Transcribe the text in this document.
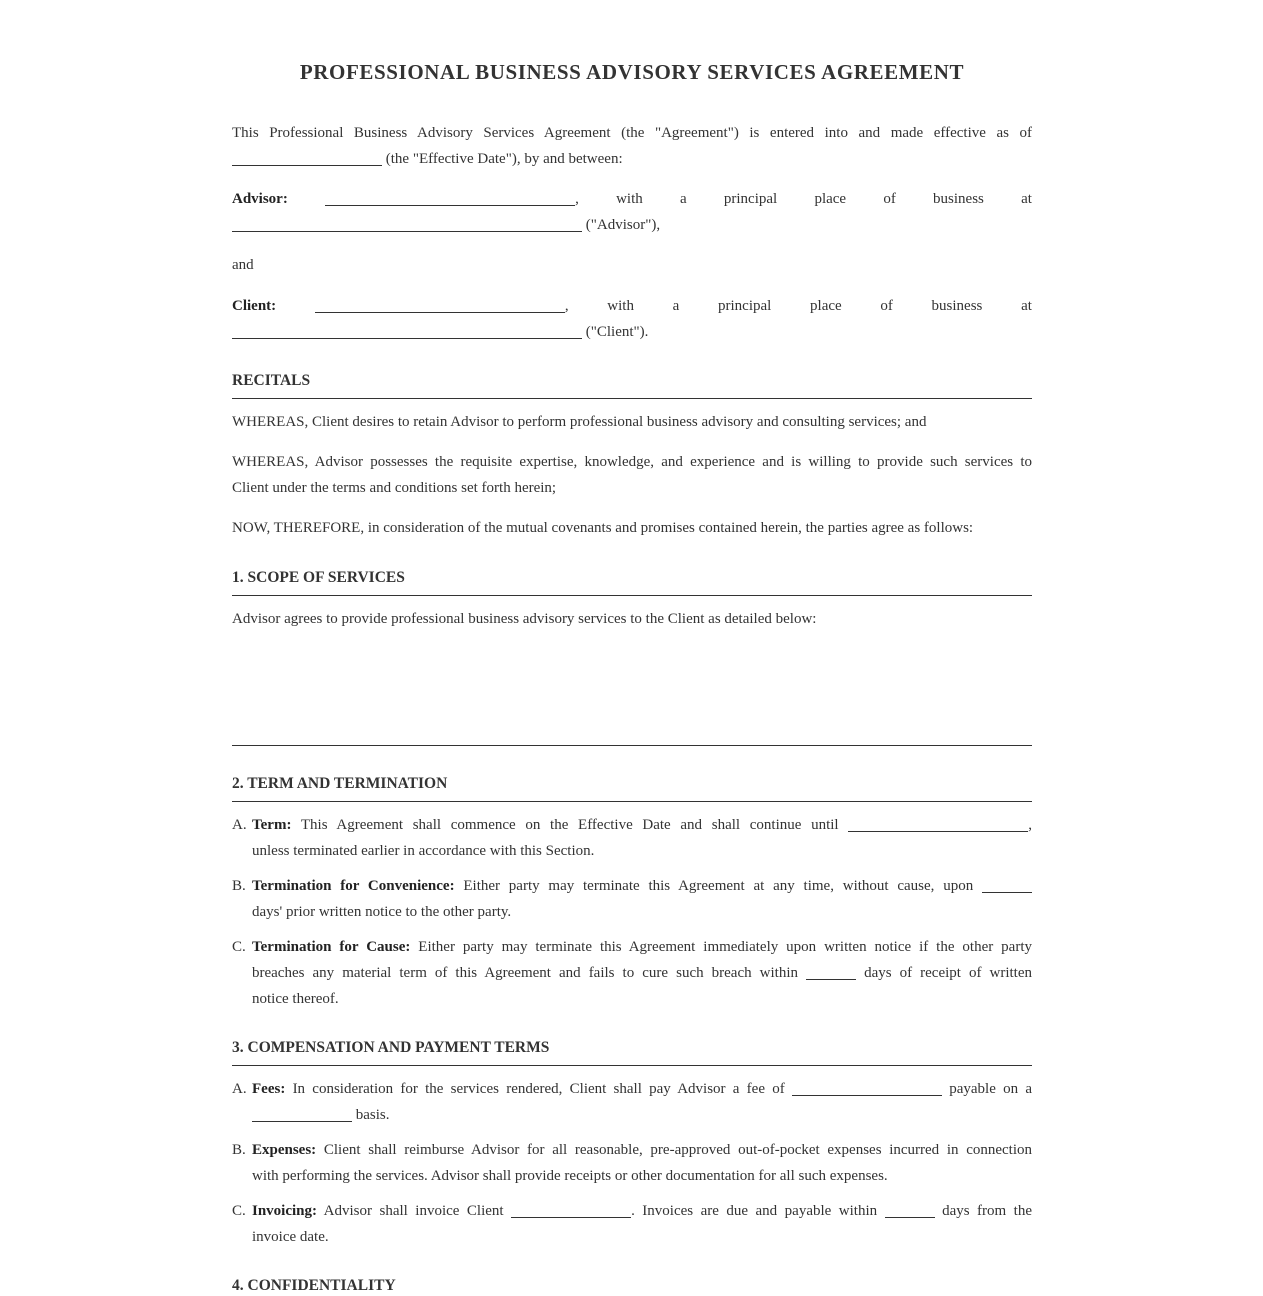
PROFESSIONAL BUSINESS ADVISORY SERVICES AGREEMENT
This Professional Business Advisory Services Agreement (the "Agreement") is entered into and made effective as of
(the "Effective Date"), by and between:
Advisor:	, with a principal place of business at
("Advisor"),
and
Client:	,	with	a	principal	place	of	business	at
("Client").
RECITALS
WHEREAS, Client desires to retain Advisor to perform professional business advisory and consulting services; and
WHEREAS, Advisor possesses the requisite expertise, knowledge, and experience and is willing to provide such services to
Client under the terms and conditions set forth herein;
NOW, THEREFORE, in consideration of the mutual covenants and promises contained herein, the parties agree as follows:
1. SCOPE OF SERVICES
Advisor agrees to provide professional business advisory services to the Client as detailed below:
2. TERM AND TERMINATION
A. Term: This Agreement shall commence on the Effective Date and shall continue until	,
unless terminated earlier in accordance with this Section.
B. Termination for Convenience: Either party may terminate this Agreement at any time, without cause, upon
days' prior written notice to the other party.
C. Termination for Cause: Either party may terminate this Agreement immediately upon written notice if the other party
breaches any material term of this Agreement and fails to cure such breach within	days of receipt of written
notice thereof.
3. COMPENSATION AND PAYMENT TERMS
A. Fees: In consideration for the services rendered, Client shall pay Advisor a fee of	payable on a
basis.
B. Expenses: Client shall reimburse Advisor for all reasonable, pre-approved out-of-pocket expenses incurred in connection
with performing the services. Advisor shall provide receipts or other documentation for all such expenses.
C. Invoicing: Advisor shall invoice Client	. Invoices are due and payable within	days from the
invoice date.
4. CONFIDENTIALITY
